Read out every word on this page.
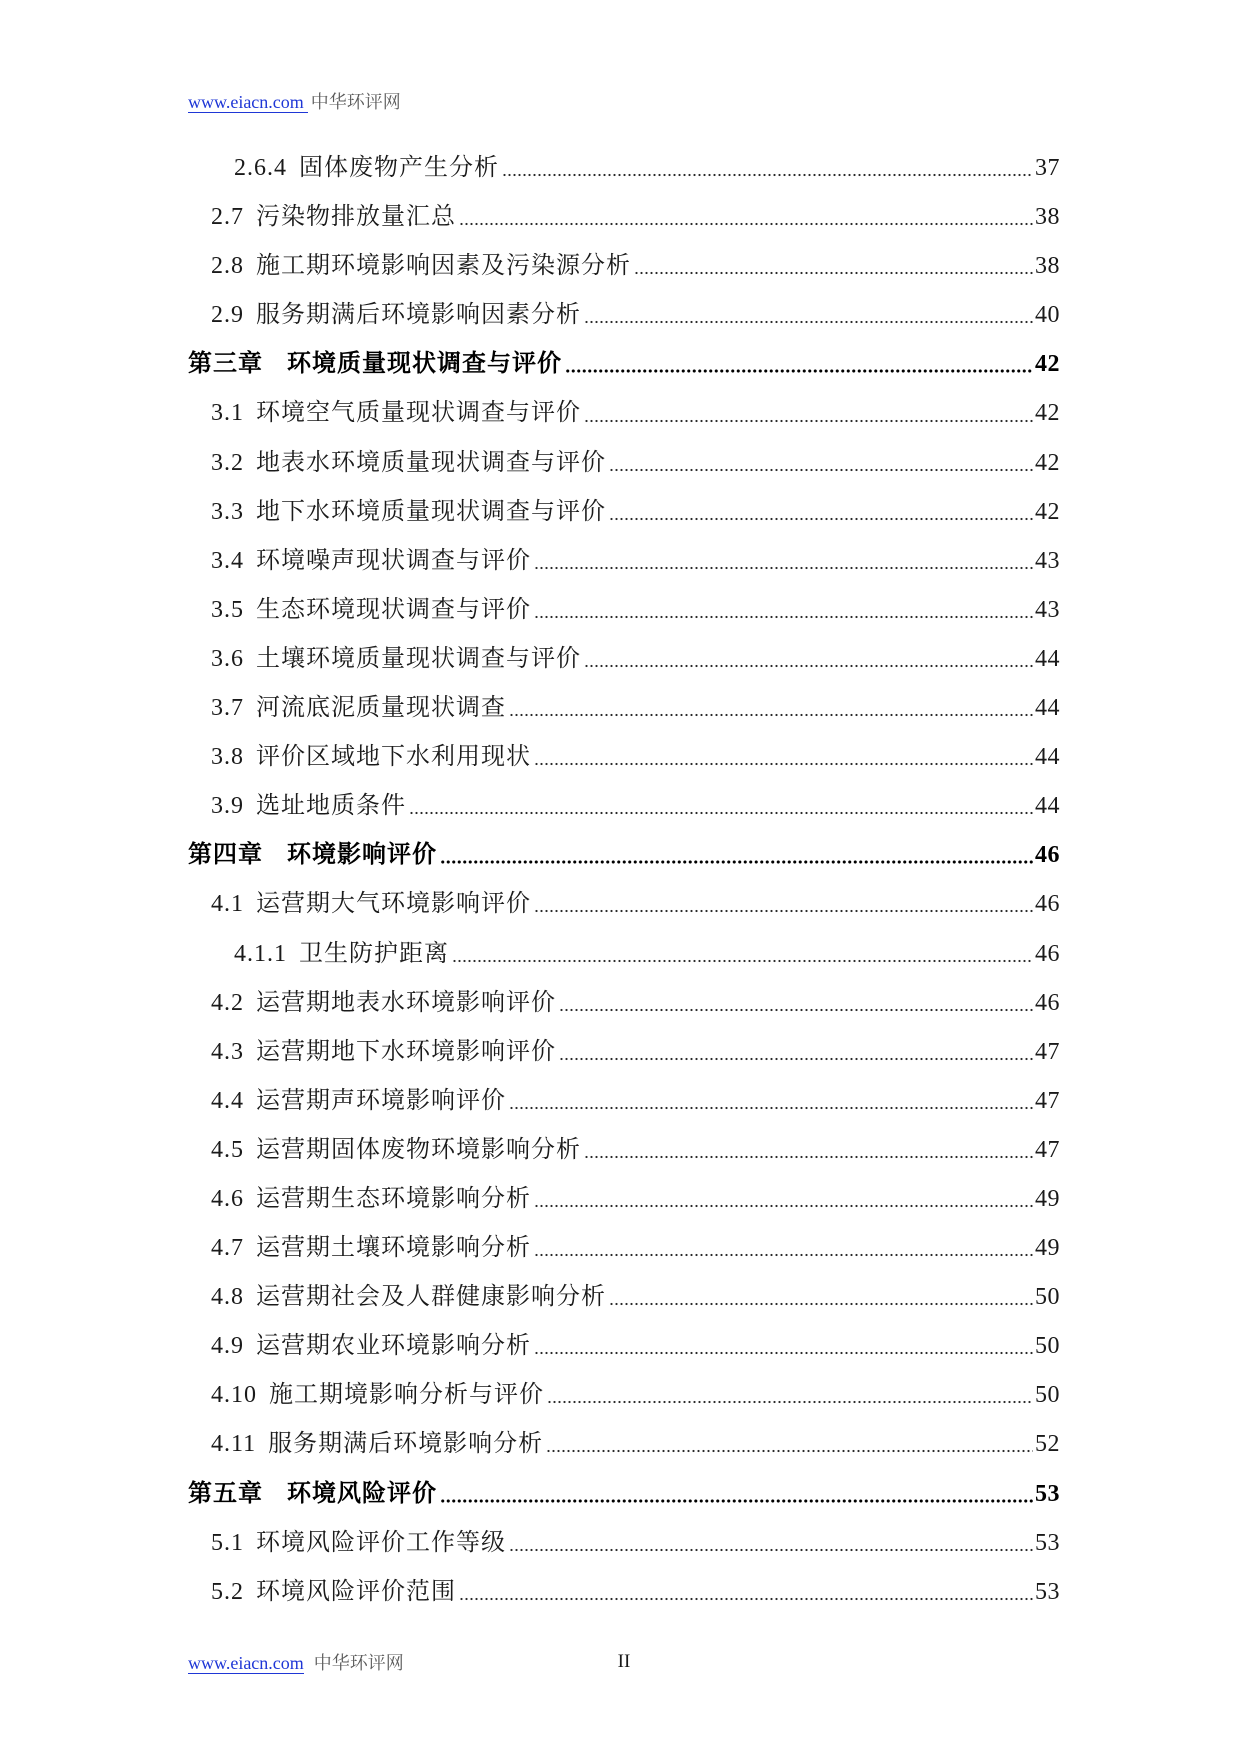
www.eiacn.com 中华环评网
2.6.4 固体废物产生分析	37
2.7 污染物排放量汇总	38
2.8 施工期环境影响因素及污染源分析	38
2.9 服务期满后环境影响因素分析	40
第三章  环境质量现状调查与评价	42
3.1 环境空气质量现状调查与评价	42
3.2 地表水环境质量现状调查与评价	42
3.3 地下水环境质量现状调查与评价	42
3.4 环境噪声现状调查与评价	43
3.5 生态环境现状调查与评价	43
3.6 土壤环境质量现状调查与评价	44
3.7 河流底泥质量现状调查	44
3.8 评价区域地下水利用现状	44
3.9 选址地质条件	44
第四章  环境影响评价	46
4.1 运营期大气环境影响评价	46
4.1.1 卫生防护距离	46
4.2 运营期地表水环境影响评价	46
4.3 运营期地下水环境影响评价	47
4.4 运营期声环境影响评价	47
4.5 运营期固体废物环境影响分析	47
4.6 运营期生态环境影响分析	49
4.7 运营期土壤环境影响分析	49
4.8 运营期社会及人群健康影响分析	50
4.9 运营期农业环境影响分析	50
4.10 施工期境影响分析与评价	50
4.11 服务期满后环境影响分析	52
第五章  环境风险评价	53
5.1 环境风险评价工作等级	53
5.2 环境风险评价范围	53
www.eiacn.com 中华环评网	II
